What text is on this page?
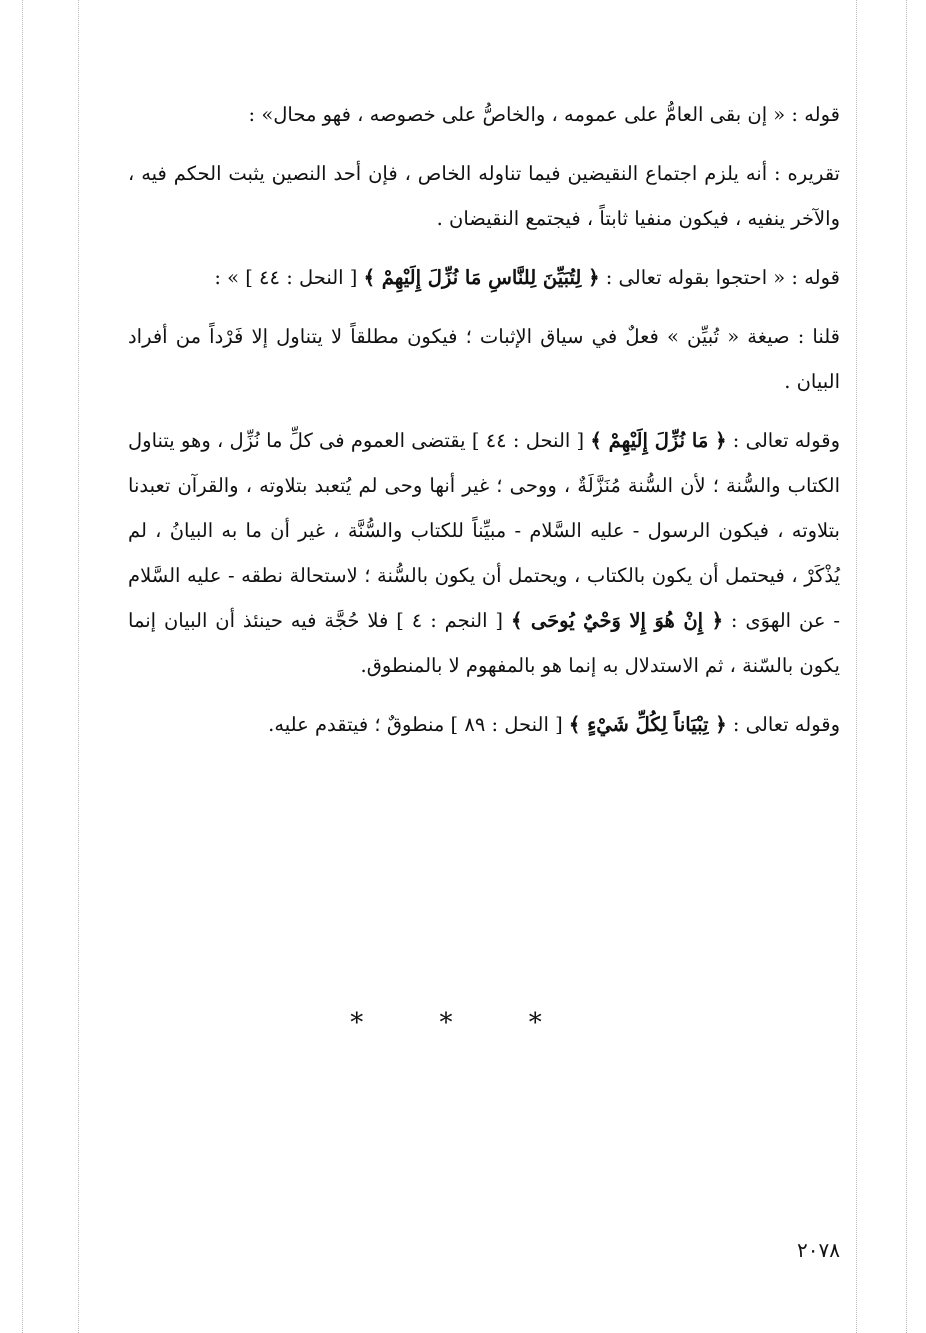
قوله : « إن بقى العامُّ على عمومه ، والخاصُّ على خصوصه ، فهو محال» :

تقريره : أنه يلزم اجتماع النقيضين فيما تناوله الخاص ، فإن أحد النصين يثبت الحكم فيه ، والآخر ينفيه ، فيكون منفيا ثابتاً ، فيجتمع النقيضان .

قوله : « احتجوا بقوله تعالى : ﴿ لِتُبَيِّنَ لِلنَّاسِ مَا نُزِّلَ إِلَيْهِمْ ﴾ [ النحل : ٤٤ ] » :

قلنا : صيغة « تُبيِّن » فعلٌ في سياق الإثبات ؛ فيكون مطلقاً لا يتناول إلا فَرْداً من أفراد البيان .

وقوله تعالى : ﴿ مَا نُزِّلَ إِلَيْهِمْ ﴾ [ النحل : ٤٤ ] يقتضى العموم فى كلِّ ما نُزِّل ، وهو يتناول الكتاب والسُّنة ؛ لأن السُّنة مُنَزَّلَةٌ ، ووحى ؛ غير أنها وحى لم يُتعبد بتلاوته ، والقرآن تعبدنا بتلاوته ، فيكون الرسول - عليه السَّلام - مبيِّناً للكتاب والسُّنَّة ، غير أن ما به البيانُ ، لم يُذْكَرْ ، فيحتمل أن يكون بالكتاب ، ويحتمل أن يكون بالسُّنة ؛ لاستحالة نطقه - عليه السَّلام - عن الهوَى : ﴿ إِنْ هُوَ إِلا وَحْيٌ يُوحَى ﴾ [ النجم : ٤ ] فلا حُجَّة فيه حينئذ أن البيان إنما يكون بالسّنة ، ثم الاستدلال به إنما هو بالمفهوم لا بالمنطوق.

وقوله تعالى : ﴿ تِبْيَاناً لِكُلِّ شَيْءٍ ﴾ [ النحل : ٨٩ ] منطوقٌ ؛ فيتقدم عليه.

* * *
٢٠٧٨
